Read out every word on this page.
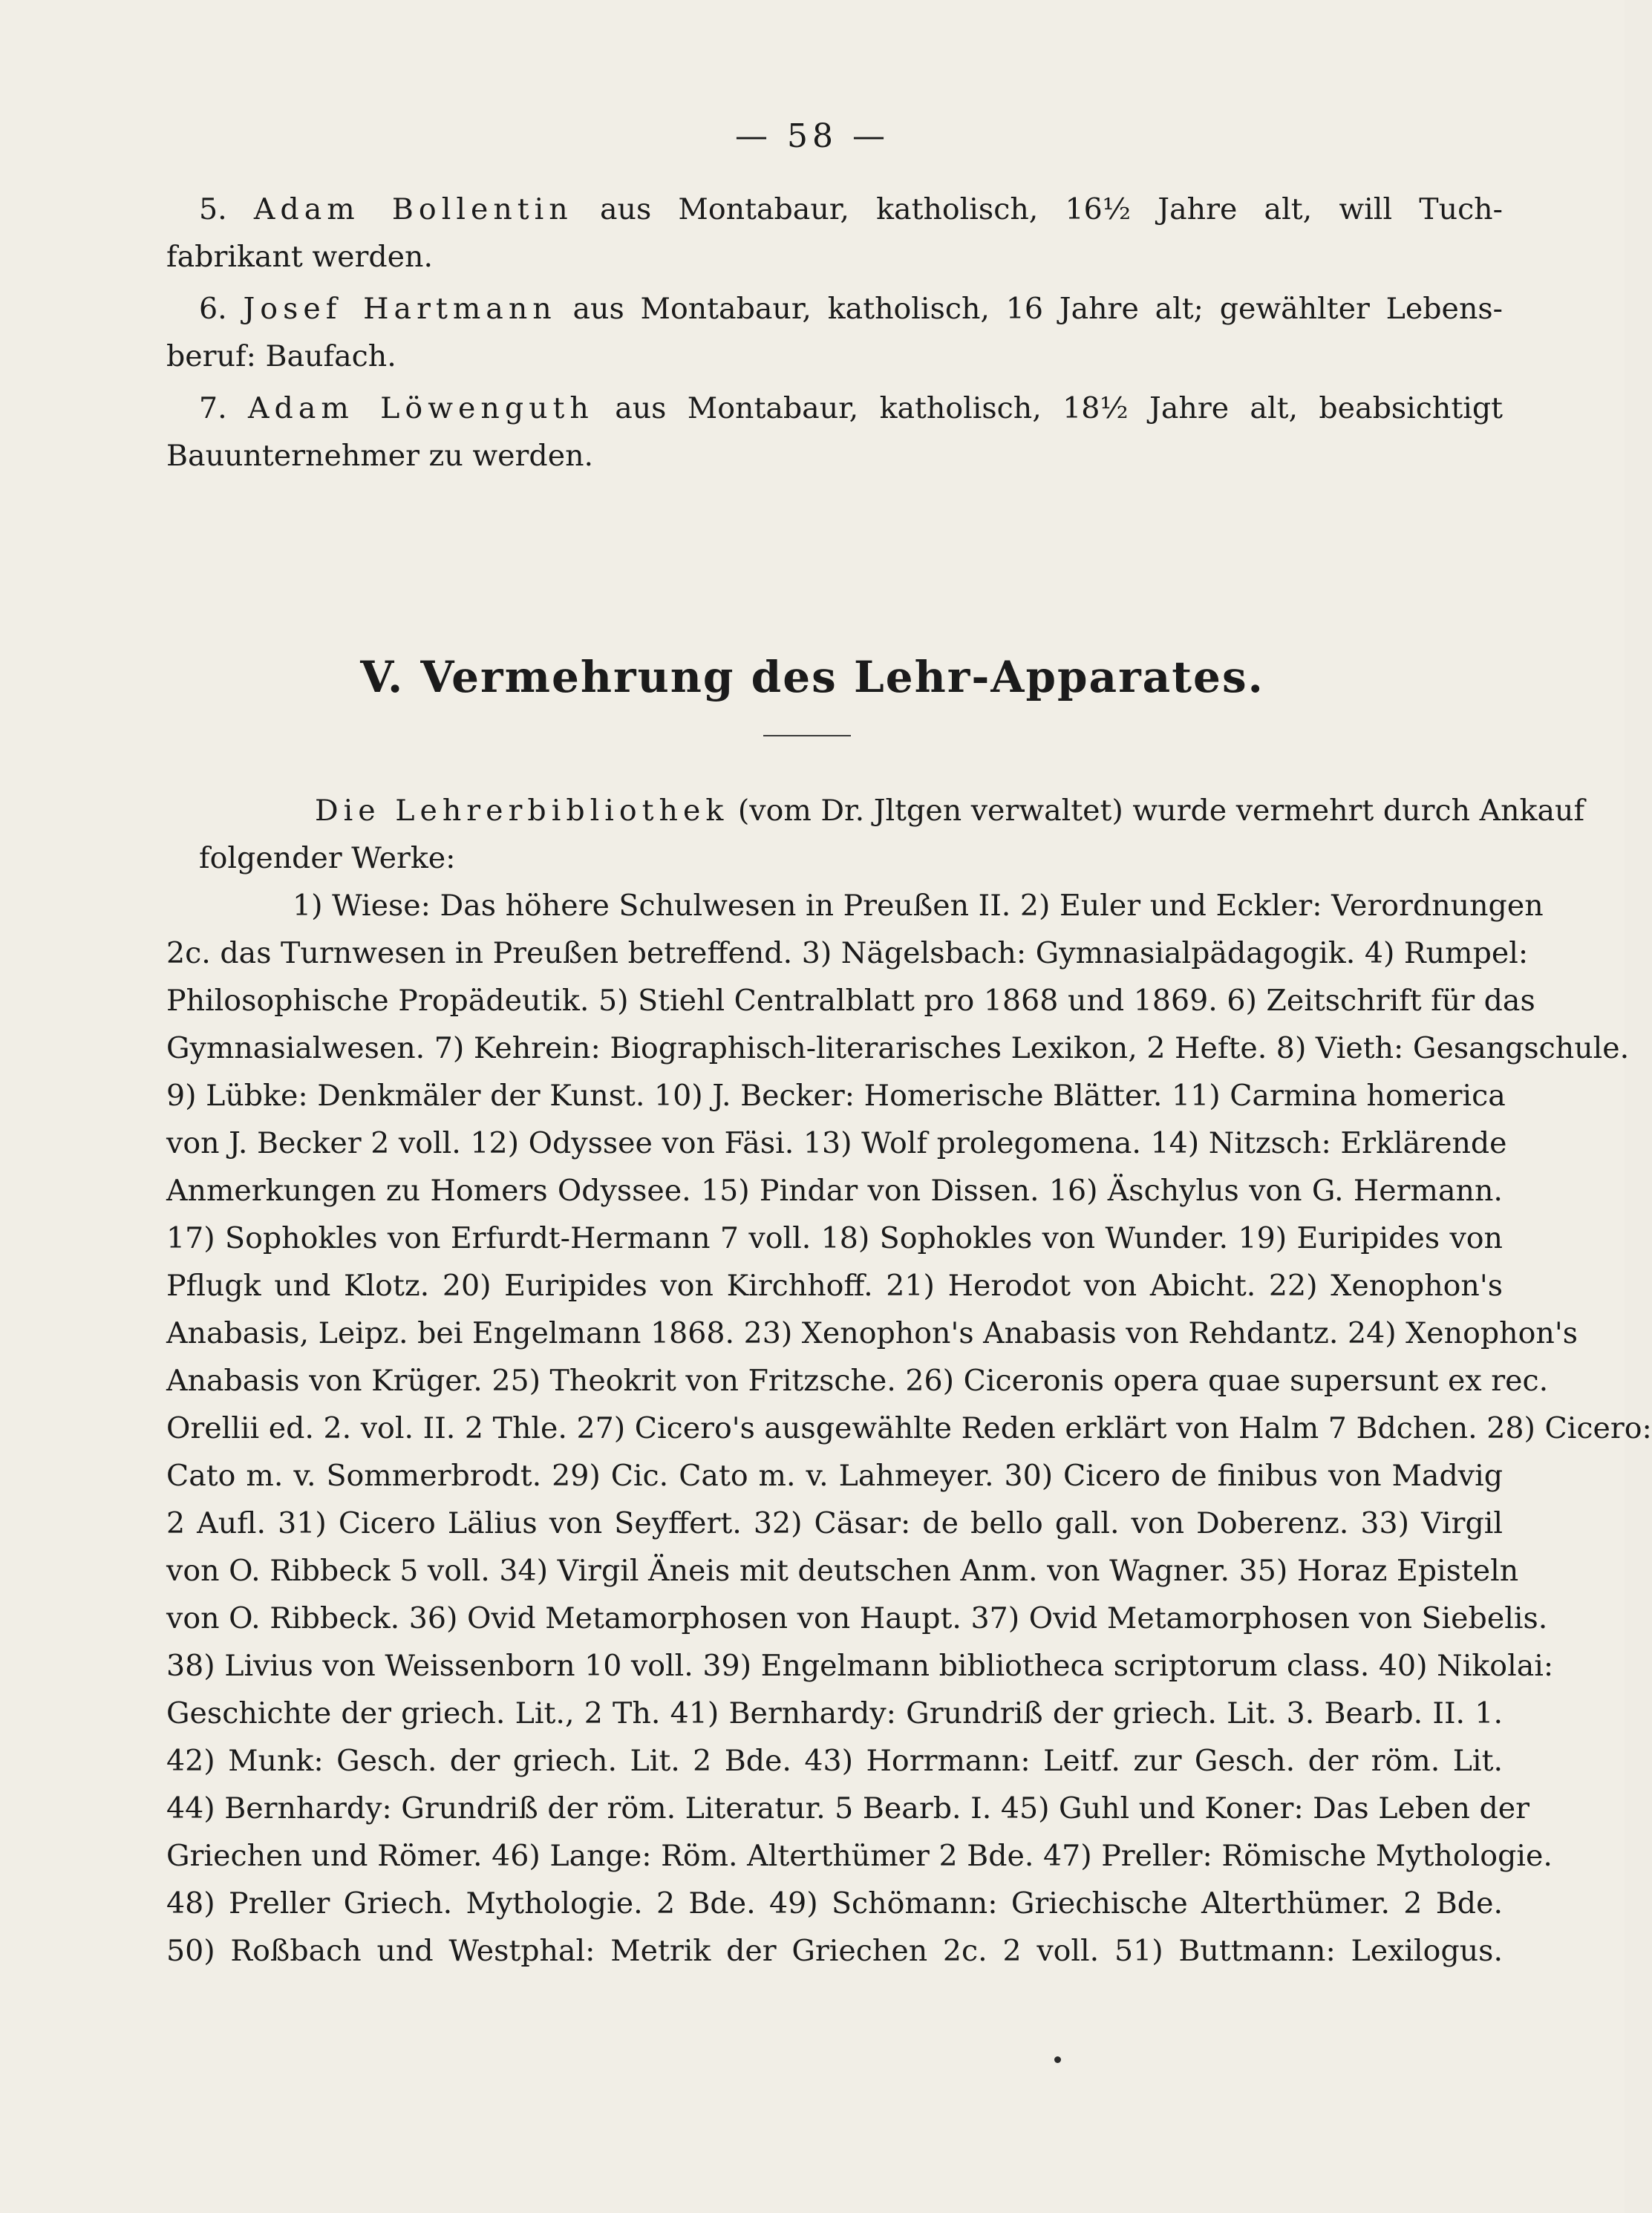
— 58 —
5. Adam Bollentin aus Montabaur, katholisch, 16½ Jahre alt, will Tuch-
fabrikant werden.
6. Josef Hartmann aus Montabaur, katholisch, 16 Jahre alt; gewählter Lebens-
beruf: Baufach.
7. Adam Löwenguth aus Montabaur, katholisch, 18½ Jahre alt, beabsichtigt
Bauunternehmer zu werden.
V. Vermehrung des Lehr-Apparates.
Die Lehrerbibliothek (vom Dr. Jltgen verwaltet) wurde vermehrt durch Ankauf
folgender Werke:
1) Wiese: Das höhere Schulwesen in Preußen II. 2) Euler und Eckler: Verordnungen
2c. das Turnwesen in Preußen betreffend. 3) Nägelsbach: Gymnasialpädagogik. 4) Rumpel:
Philosophische Propädeutik. 5) Stiehl Centralblatt pro 1868 und 1869. 6) Zeitschrift für das
Gymnasialwesen. 7) Kehrein: Biographisch-literarisches Lexikon, 2 Hefte. 8) Vieth: Gesangschule.
9) Lübke: Denkmäler der Kunst. 10) J. Becker: Homerische Blätter. 11) Carmina homerica
von J. Becker 2 voll. 12) Odyssee von Fäsi. 13) Wolf prolegomena. 14) Nitzsch: Erklärende
Anmerkungen zu Homers Odyssee. 15) Pindar von Dissen. 16) Äschylus von G. Hermann.
17) Sophokles von Erfurdt-Hermann 7 voll. 18) Sophokles von Wunder. 19) Euripides von
Pflugk und Klotz. 20) Euripides von Kirchhoff. 21) Herodot von Abicht. 22) Xenophon's
Anabasis, Leipz. bei Engelmann 1868. 23) Xenophon's Anabasis von Rehdantz. 24) Xenophon's
Anabasis von Krüger. 25) Theokrit von Fritzsche. 26) Ciceronis opera quae supersunt ex rec.
Orellii ed. 2. vol. II. 2 Thle. 27) Cicero's ausgewählte Reden erklärt von Halm 7 Bdchen. 28) Cicero:
Cato m. v. Sommerbrodt. 29) Cic. Cato m. v. Lahmeyer. 30) Cicero de finibus von Madvig
2 Aufl. 31) Cicero Lälius von Seyffert. 32) Cäsar: de bello gall. von Doberenz. 33) Virgil
von O. Ribbeck 5 voll. 34) Virgil Äneis mit deutschen Anm. von Wagner. 35) Horaz Episteln
von O. Ribbeck. 36) Ovid Metamorphosen von Haupt. 37) Ovid Metamorphosen von Siebelis.
38) Livius von Weissenborn 10 voll. 39) Engelmann bibliotheca scriptorum class. 40) Nikolai:
Geschichte der griech. Lit., 2 Th. 41) Bernhardy: Grundriß der griech. Lit. 3. Bearb. II. 1.
42) Munk: Gesch. der griech. Lit. 2 Bde. 43) Horrmann: Leitf. zur Gesch. der röm. Lit.
44) Bernhardy: Grundriß der röm. Literatur. 5 Bearb. I. 45) Guhl und Koner: Das Leben der
Griechen und Römer. 46) Lange: Röm. Alterthümer 2 Bde. 47) Preller: Römische Mythologie.
48) Preller Griech. Mythologie. 2 Bde. 49) Schömann: Griechische Alterthümer. 2 Bde.
50) Roßbach und Westphal: Metrik der Griechen 2c. 2 voll. 51) Buttmann: Lexilogus.
